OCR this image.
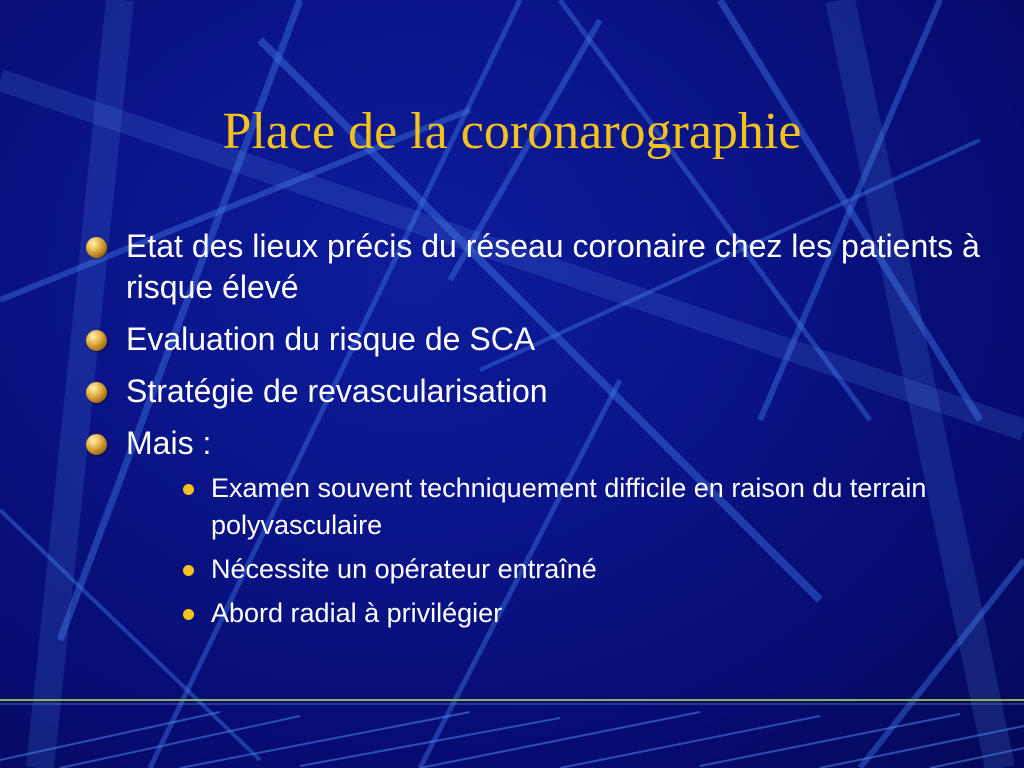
Place de la coronarographie
Etat des lieux précis du réseau coronaire chez les patients à risque élevé
Evaluation du risque de SCA
Stratégie de revascularisation
Mais :
Examen souvent techniquement difficile en raison du terrain polyvasculaire
Nécessite un opérateur entraîné
Abord radial à privilégier
